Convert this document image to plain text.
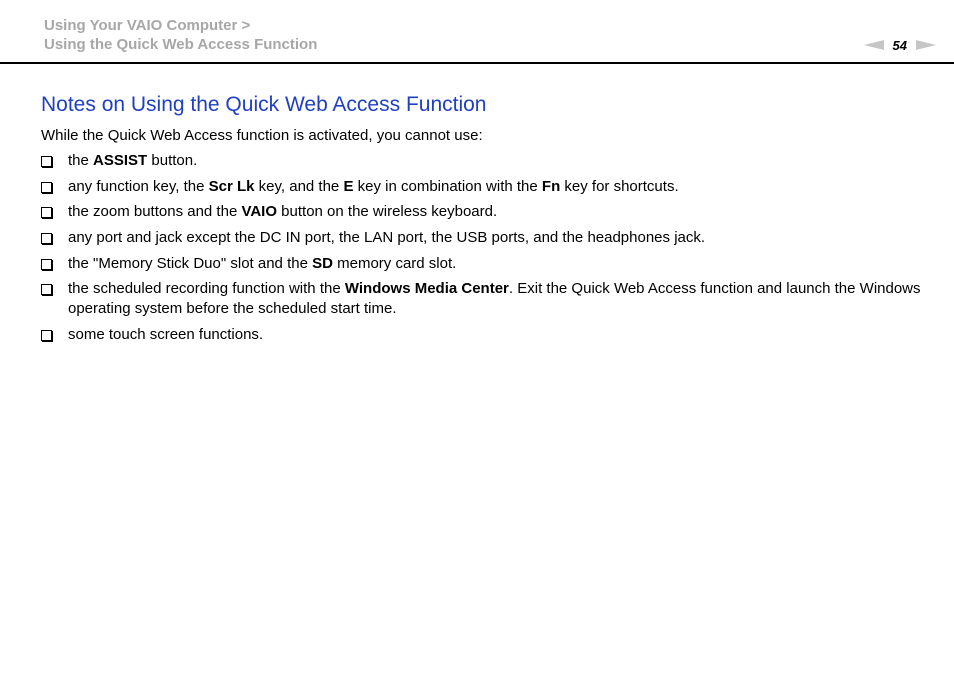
Using Your VAIO Computer >
Using the Quick Web Access Function	54
Notes on Using the Quick Web Access Function
While the Quick Web Access function is activated, you cannot use:
the ASSIST button.
any function key, the Scr Lk key, and the E key in combination with the Fn key for shortcuts.
the zoom buttons and the VAIO button on the wireless keyboard.
any port and jack except the DC IN port, the LAN port, the USB ports, and the headphones jack.
the "Memory Stick Duo" slot and the SD memory card slot.
the scheduled recording function with the Windows Media Center. Exit the Quick Web Access function and launch the Windows operating system before the scheduled start time.
some touch screen functions.
